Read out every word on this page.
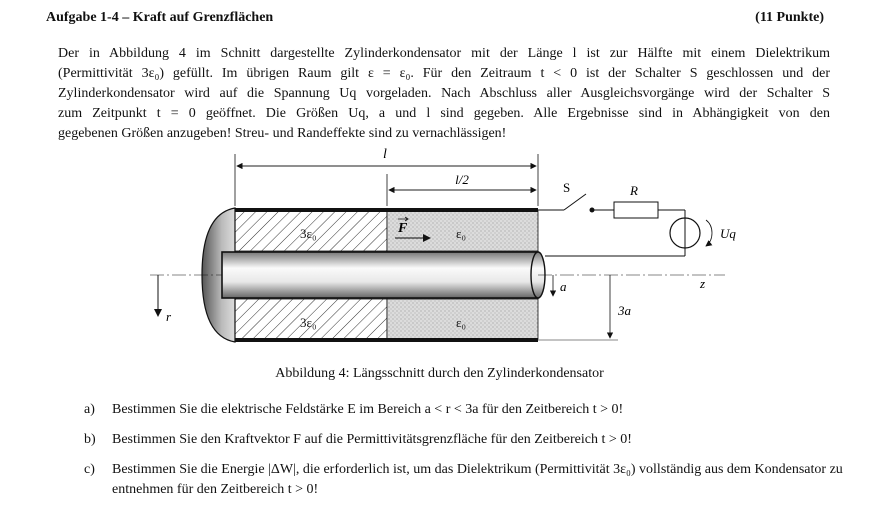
Aufgabe 1-4 – Kraft auf Grenzflächen	(11 Punkte)
Der in Abbildung 4 im Schnitt dargestellte Zylinderkondensator mit der Länge l ist zur Hälfte mit einem Dielektrikum
(Permittivität 3ε₀) gefüllt. Im übrigen Raum gilt ε = ε₀. Für den Zeitraum t < 0 ist der Schalter S geschlossen und der
Zylinderkondensator wird auf die Spannung Uq vorgeladen. Nach Abschluss aller Ausgleichsvorgänge wird der Schalter S
zum Zeitpunkt t = 0 geöffnet. Die Größen Uq, a und l sind gegeben. Alle Ergebnisse sind in Abhängigkeit von den
gegebenen Größen anzugeben! Streu- und Randeffekte sind zu vernachlässigen!
l
l/2
3ε₀
3ε₀
ε₀
ε₀
F
S	R
Uq
z
r
a
3a
Abbildung 4: Längsschnitt durch den Zylinderkondensator
a) Bestimmen Sie die elektrische Feldstärke E im Bereich a < r < 3a für den Zeitbereich t > 0!
b) Bestimmen Sie den Kraftvektor F auf die Permittivitätsgrenzfläche für den Zeitbereich t > 0!
c) Bestimmen Sie die Energie |ΔW|, die erforderlich ist, um das Dielektrikum (Permittivität 3ε₀) vollständig aus dem Kondensator zu entnehmen für den Zeitbereich t > 0!
